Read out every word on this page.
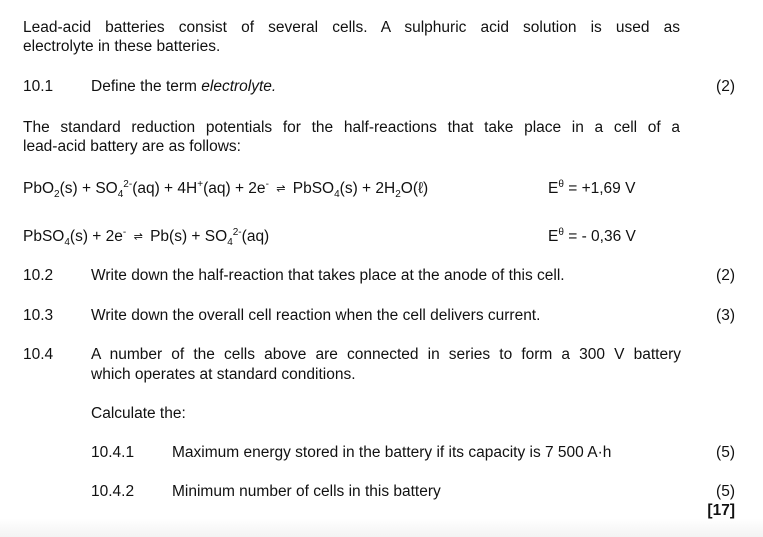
Lead-acid batteries consist of several cells. A sulphuric acid solution is used as
electrolyte in these batteries.
10.1 Define the term electrolyte.	(2)
The standard reduction potentials for the half-reactions that take place in a cell of a
lead-acid battery are as follows:
$PbO_2(s) + SO_4^{2-}(aq) + 4H^+(aq) + 2e^-$ ⇌ PbSO$_4$(s) + $2H_2O(\ell)$	$E^\theta = +1,69$ V
PbSO$_4$(s) + 2e- ⇌ $Pb(s) + SO_4^{2-}(aq)$	$E^\theta$ = - 0,36 V
10.2 Write down the half-reaction that takes place at the anode of this cell.	(2)
10.3 Write down the overall cell reaction when the cell delivers current.	(3)
10.4 A number of the cells above are connected in series to form a 300 V battery
which operates at standard conditions.
Calculate the:
10.4.1 Maximum energy stored in the battery if its capacity is 7 500 A·h	(5)
10.4.2 Minimum number of cells in this battery	(5)
[17]
